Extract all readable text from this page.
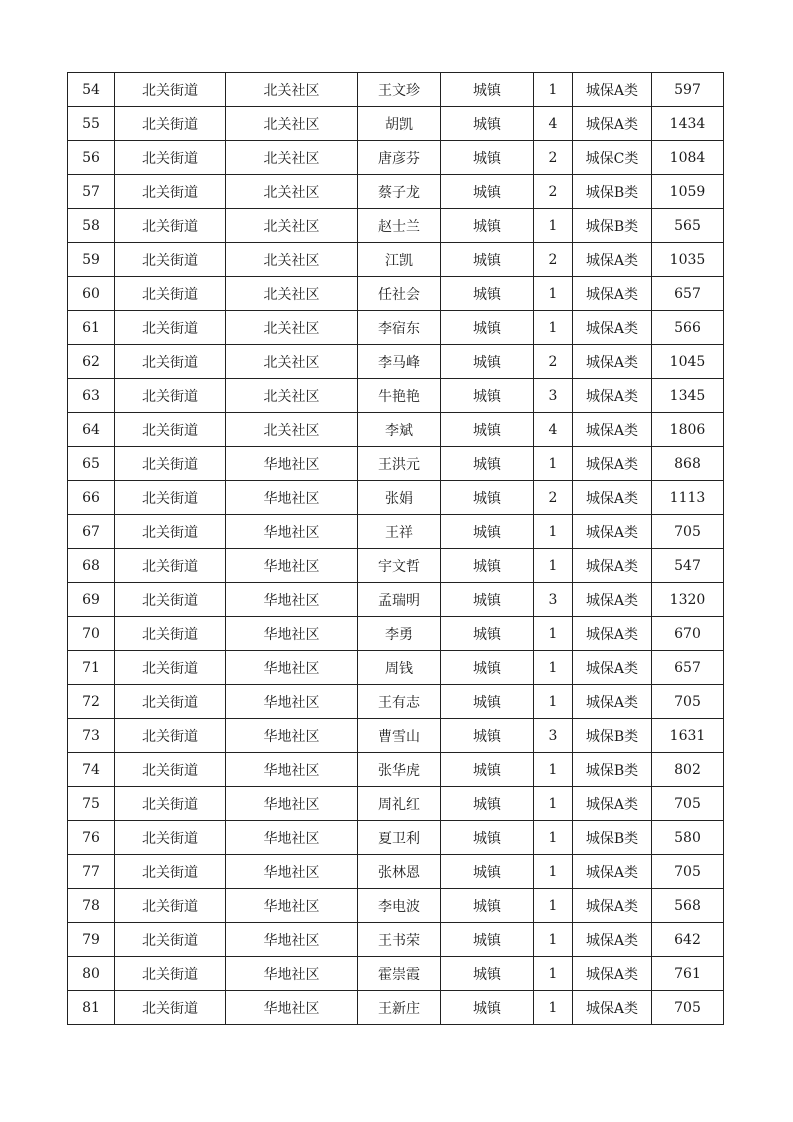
54	北关街道	北关社区	王文珍	城镇	1	城保A类	597
55	北关街道	北关社区	胡凯	城镇	4	城保A类	1434
56	北关街道	北关社区	唐彦芬	城镇	2	城保C类	1084
57	北关街道	北关社区	蔡子龙	城镇	2	城保B类	1059
58	北关街道	北关社区	赵士兰	城镇	1	城保B类	565
59	北关街道	北关社区	江凯	城镇	2	城保A类	1035
60	北关街道	北关社区	任社会	城镇	1	城保A类	657
61	北关街道	北关社区	李宿东	城镇	1	城保A类	566
62	北关街道	北关社区	李马峰	城镇	2	城保A类	1045
63	北关街道	北关社区	牛艳艳	城镇	3	城保A类	1345
64	北关街道	北关社区	李斌	城镇	4	城保A类	1806
65	北关街道	华地社区	王洪元	城镇	1	城保A类	868
66	北关街道	华地社区	张娟	城镇	2	城保A类	1113
67	北关街道	华地社区	王祥	城镇	1	城保A类	705
68	北关街道	华地社区	宇文哲	城镇	1	城保A类	547
69	北关街道	华地社区	孟瑞明	城镇	3	城保A类	1320
70	北关街道	华地社区	李勇	城镇	1	城保A类	670
71	北关街道	华地社区	周钱	城镇	1	城保A类	657
72	北关街道	华地社区	王有志	城镇	1	城保A类	705
73	北关街道	华地社区	曹雪山	城镇	3	城保B类	1631
74	北关街道	华地社区	张华虎	城镇	1	城保B类	802
75	北关街道	华地社区	周礼红	城镇	1	城保A类	705
76	北关街道	华地社区	夏卫利	城镇	1	城保B类	580
77	北关街道	华地社区	张林恩	城镇	1	城保A类	705
78	北关街道	华地社区	李电波	城镇	1	城保A类	568
79	北关街道	华地社区	王书荣	城镇	1	城保A类	642
80	北关街道	华地社区	霍崇霞	城镇	1	城保A类	761
81	北关街道	华地社区	王新庄	城镇	1	城保A类	705
